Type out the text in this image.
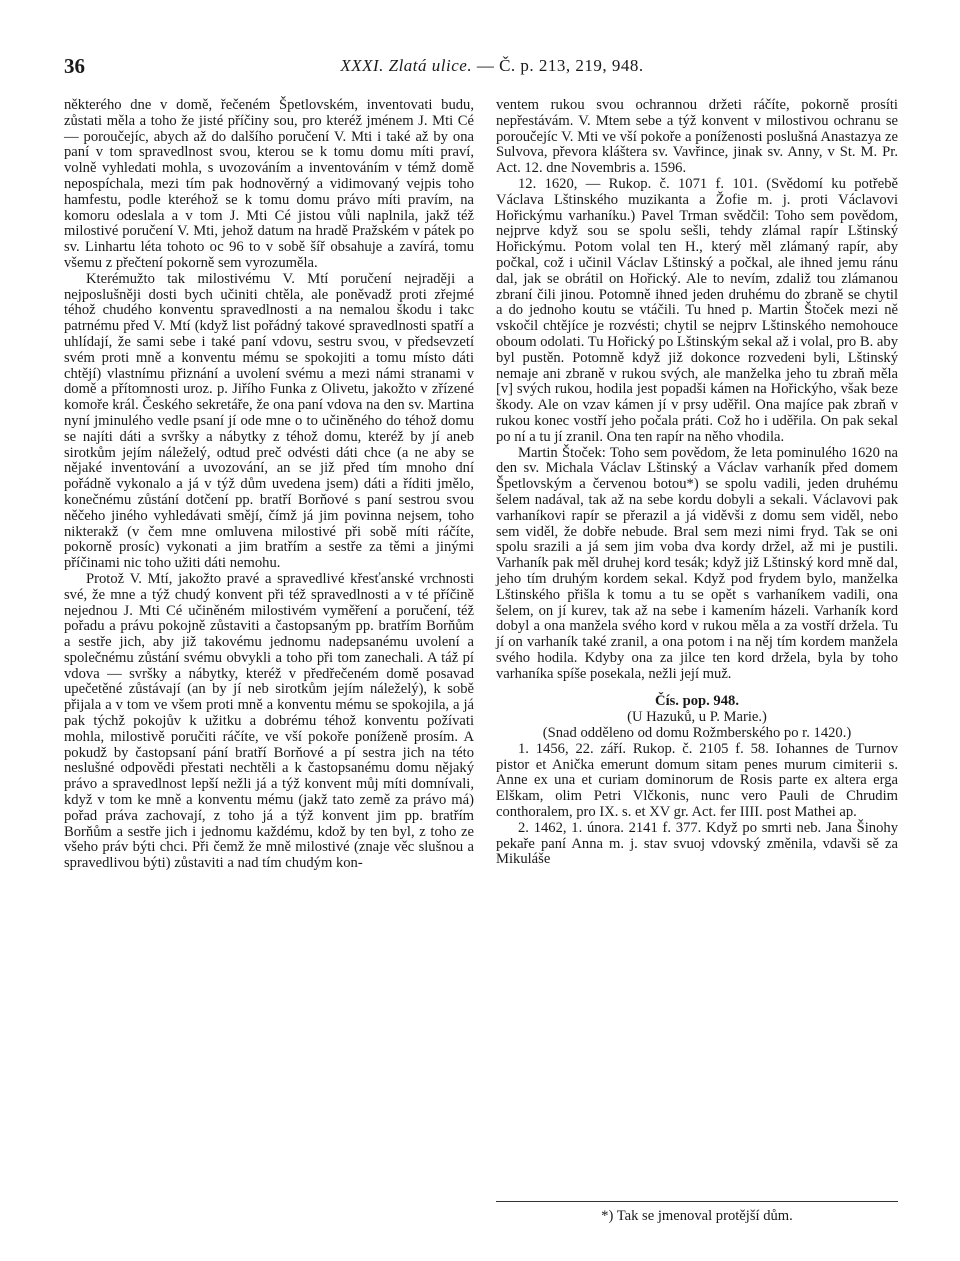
36	XXXI. Zlatá ulice. — Č. p. 213, 219, 948.

některého dne v domě, řečeném Špetlovském, inventovati budu, zůstati měla a toho že jisté příčiny sou, pro kteréž jménem J. Mti Cé — poroučejíc, abych až do dalšího poručení V. Mti i také až by ona paní v tom spravedlnost svou, kterou se k tomu domu míti praví, volně vyhledati mohla, s uvozováním a inventováním v témž domě nepospíchala, mezi tím pak hodnověrný a vidimovaný vejpis toho hamfestu, podle kteréhož se k tomu domu právo míti pravím, na komoru odeslala a v tom J. Mti Cé jistou vůli naplnila, jakž též milostivé poručení V. Mti, jehož datum na hradě Pražském v pátek po sv. Linhartu léta tohoto ос 96 to v sobě šíř obsahuje a zavírá, tomu všemu z přečtení pokorně sem vyrozuměla.

Kterémužto tak milostivému V. Mtí poručení nejraději a nejposlušněji dosti bych učiniti chtěla, ale poněvadž proti zřejmé téhož chudého konventu spravedlnosti a na nemalou škodu i takc patrnému před V. Mtí (když list pořádný takové spravedlnosti spatří a uhlídají, že sami sebe i také paní vdovu, sestru svou, v předsevzetí svém proti mně a konventu mému se spokojiti a tomu místo dáti chtějí) vlastnímu přiznání a uvolení svému a mezi námi stranami v domě a přítomnosti uroz. p. Jiřího Funka z Olivetu, jakožto v zřízené komoře král. Českého sekretáře, že ona paní vdova na den sv. Martina nyní jminulého vedle psaní jí ode mne o to učiněného do téhož domu se najíti dáti a svršky a nábytky z téhož domu, kteréž by jí aneb sirotkům jejím náleželý, odtud preč odvésti dáti chce (a ne aby se nějaké inventování a uvozování, an se již před tím mnoho dní pořádně vykonalo a já v týž dům uvedena jsem) dáti a říditi jmělo, konečnému zůstání dotčení pp. bratří Borňové s paní sestrou svou něčeho jiného vyhledávati smějí, čímž já jim povinna nejsem, toho nikterakž (v čem mne omluvena milostivé při sobě míti ráčíte, pokorně prosíc) vykonati a jim bratřím a sestře za těmi a jinými příčinami nic toho užiti dáti nemohu.

Protož V. Mtí, jakožto pravé a spravedlivé křesťanské vrchnosti své, že mne a týž chudý konvent při též spravedlnosti a v té příčině nejednou J. Mti Cé učiněném milostivém vyměření a poručení, též pořadu a právu pokojně zůstaviti a častopsaným pp. bratřím Borňům a sestře jich, aby již takovému jednomu nadepsanému uvolení a společnému zůstání svému obvykli a toho při tom zanechali. A táž pí vdova — svršky a nábytky, kteréž v předřečeném domě posavad upečetěné zůstávají (an by jí neb sirotkům jejím náleželý), k sobě přijala a v tom ve všem proti mně a konventu mému se spokojila, a já pak týchž pokojův k užitku a dobrému téhož konventu požívati mohla, milostivě poručiti ráčíte, ve vší pokoře poníženě prosím. A pokudž by častopsaní pání bratří Borňové a pí sestra jich na této neslušné odpovědi přestati nechtěli a k častopsanému domu nějaký právo a spravedlnost lepší nežli já a týž konvent můj míti domnívali, když v tom ke mně a konventu mému (jakž tato země za právo má) pořad práva zachovají, z toho já a týž konvent jim pp. bratřím Borňům a sestře jich i jednomu každému, kdož by ten byl, z toho ze všeho práv býti chci. Při čemž že mně milostivé (znaje věc slušnou a spravedlivou býti) zůstaviti a nad tím chudým kon-

ventem rukou svou ochrannou držeti ráčíte, pokorně prosíti nepřestávám. V. Mtem sebe a týž konvent v milostivou ochranu se poroučejíc V. Mti ve vší pokoře a poníženosti poslušná Anastazya ze Sulvova, převora kláštera sv. Vavřince, jinak sv. Anny, v St. M. Pr. Act. 12. dne Novembris a. 1596.

12. 1620, — Rukop. č. 1071 f. 101. (Svědomí ku potřebě Václava Lštinského muzikanta a Žofie m. j. proti Václavovi Hořickýmu varhaníku.) Pavel Trman svědčil: Toho sem povědom, nejprve když sou se spolu sešli, tehdy zlámal rapír Lštinský Hořickýmu. Potom volal ten H., který měl zlámaný rapír, aby počkal, což i učinil Václav Lštinský a počkal, ale ihned jemu ránu dal, jak se obrátil on Hořický. Ale to nevím, zdaliž tou zlámanou zbraní čili jinou. Potomně ihned jeden druhému do zbraně se chytil a do jednoho koutu se vtáčili. Tu hned p. Martin Štoček mezi ně vskočil chtějíce je rozvésti; chytil se nejprv Lštinského nemohouce oboum odolati. Tu Hořický po Lštinským sekal až i volal, pro B. aby byl pustěn. Potomně když již dokonce rozvedeni byli, Lštinský nemaje ani zbraně v rukou svých, ale manželka jeho tu zbraň měla [v] svých rukou, hodila jest popadši kámen na Hořickýho, však beze škody. Ale on vzav kámen jí v prsy uděřil. Ona majíce pak zbraň v rukou konec vostří jeho počala práti. Což ho i uděřila. On pak sekal po ní a tu jí zranil. Ona ten rapír na něho vhodila.

Martin Štoček: Toho sem povědom, že leta pominulého 1620 na den sv. Michala Václav Lštinský a Václav varhaník před domem Špetlovským a červenou botou*) se spolu vadili, jeden druhému šelem nadával, tak až na sebe kordu dobyli a sekali. Václavovi pak varhaníkovi rapír se přerazil a já viděvši z domu sem viděl, nebo sem viděl, že dobře nebude. Bral sem mezi nimi fryd. Tak se oni spolu srazili a já sem jim voba dva kordy držel, až mi je pustili. Varhaník pak měl druhej kord tesák; když již Lštinský kord mně dal, jeho tím druhým kordem sekal. Když pod frydem bylo, manželka Lštinského přišla k tomu a tu se opět s varhaníkem vadili, ona šelem, on jí kurev, tak až na sebe i kamením házeli. Varhaník kord dobyl a ona manžela svého kord v rukou měla a za vostří držela. Tu jí on varhaník také zranil, a ona potom i na něj tím kordem manžela svého hodila. Kdyby ona za jilce ten kord držela, byla by toho varhaníka spíše posekala, nežli její muž.

Čís. pop. 948.

(U Hazuků, u P. Marie.)

(Snad odděleno od domu Rožmberského po r. 1420.)

1. 1456, 22. září. Rukop. č. 2105 f. 58. Iohannes de Turnov pistor et Anička emerunt domum sitam penes murum cimiterii s. Anne ex una et curiam dominorum de Rosis parte ex altera erga Elškam, olim Petri Vlčkonis, nunc vero Pauli de Chrudim conthoralem, pro IX. s. et XV gr. Act. fer IIII. post Mathei ap.

2. 1462, 1. února. 2141 f. 377. Když po smrti neb. Jana Šinohy pekaře paní Anna m. j. stav svuoj vdovský změnila, vdavši sě za Mikuláše

*) Tak se jmenoval protější dům.
